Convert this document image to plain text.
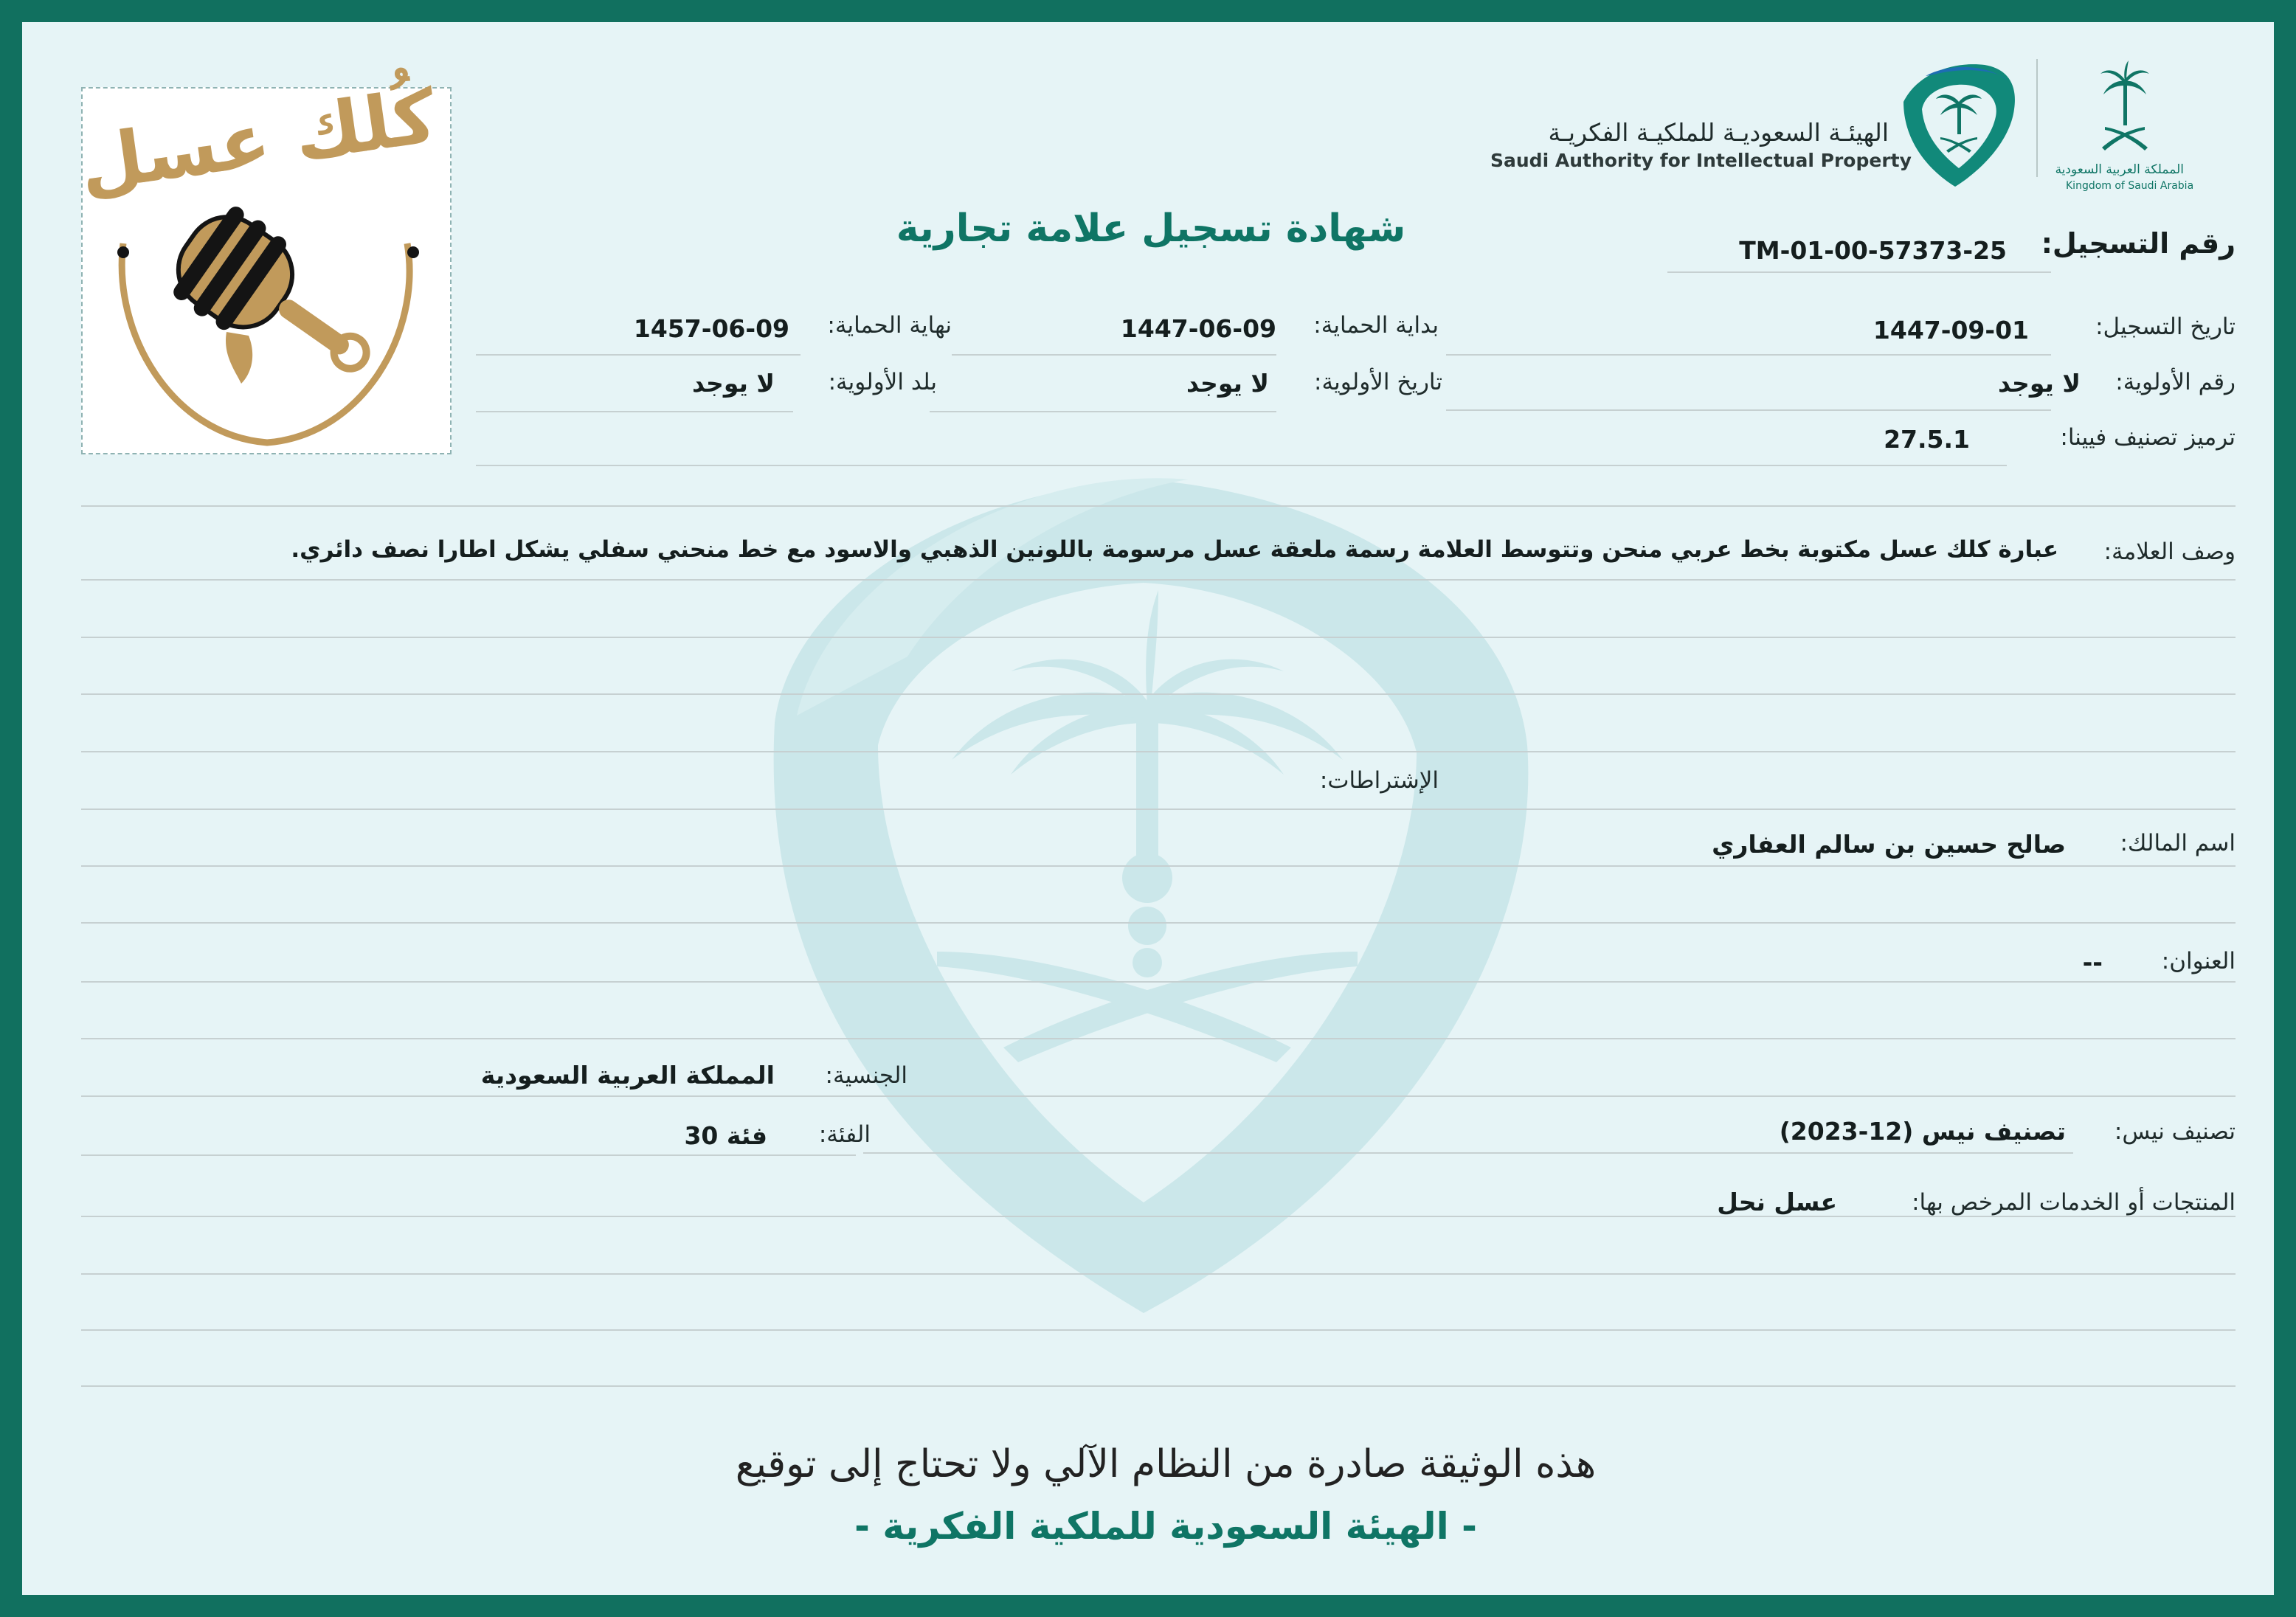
المملكة العربية السعودية
Kingdom of Saudi Arabia
الهيئـة السعوديـة للملكيـة الفكريـة
Saudi Authority for Intellectual Property
كُلك عسل
شهادة تسجيل علامة تجارية	رقم التسجيل:
TM-01-00-57373-25
تاريخ التسجيل:
1447-09-01
بداية الحماية:
1447-06-09
نهاية الحماية:
1457-06-09
رقم الأولوية:
لا يوجد
تاريخ الأولوية:
لا يوجد
بلد الأولوية:
لا يوجد
ترميز تصنيف فيينا:
27.5.1
وصف العلامة:
عبارة كلك عسل مكتوبة بخط عربي منحن وتتوسط العلامة رسمة ملعقة عسل مرسومة باللونين الذهبي والاسود مع خط منحني سفلي يشكل اطارا نصف دائري.
الإشتراطات:
اسم المالك:
صالح حسين بن سالم العفاري
العنوان:
--
الجنسية:
المملكة العربية السعودية
تصنيف نيس:
تصنيف نيس (12-2023)
الفئة:
فئة 30
المنتجات أو الخدمات المرخص بها:
عسل نحل
هذه الوثيقة صادرة من النظام الآلي ولا تحتاج إلى توقيع
- الهيئة السعودية للملكية الفكرية -
